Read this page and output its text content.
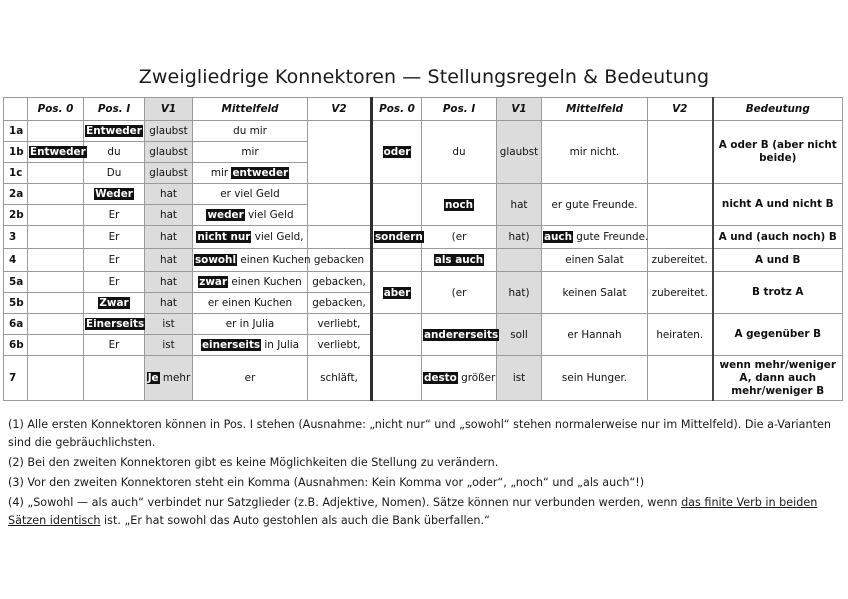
Zweigliedrige Konnektoren — Stellungsregeln & Bedeutung
	Pos. 0	Pos. I	V1	Mittelfeld	V2	Pos. 0	Pos. I	V1	Mittelfeld	V2	Bedeutung
1a		Entweder	glaubst	du mir		oder	du	glaubst	mir nicht.		A oder B (aber nicht beide)
1b	Entweder	du	glaubst	mir							
1c		Du	glaubst	mir entweder							
2a		Weder	hat	er viel Geld			noch	hat	er gute Freunde.		nicht A und nicht B
2b		Er	hat	weder viel Geld							
3		Er	hat	nicht nur viel Geld,		sondern	(er	hat)	auch gute Freunde.		A und (auch noch) B
4		Er	hat	sowohl einen Kuchen	gebacken		als auch		einen Salat	zubereitet.	A und B
5a		Er	hat	zwar einen Kuchen	gebacken,	aber	(er	hat)	keinen Salat	zubereitet.	B trotz A
5b		Zwar	hat	er einen Kuchen	gebacken,						
6a		Einerseits	ist	er in Julia	verliebt,		andererseits	soll	er Hannah	heiraten.	A gegenüber B
6b		Er	ist	einerseits in Julia	verliebt,						
7			Je mehr	er	schläft,		desto größer	ist	sein Hunger.		wenn mehr/weniger A, dann auch mehr/weniger B

(1) Alle ersten Konnektoren können in Pos. I stehen (Ausnahme: „nicht nur“ und „sowohl“ stehen normalerweise nur im Mittelfeld). Die a-Varianten sind die gebräuchlichsten.

(2) Bei den zweiten Konnektoren gibt es keine Möglichkeiten die Stellung zu verändern.

(3) Vor den zweiten Konnektoren steht ein Komma (Ausnahmen: Kein Komma vor „oder“, „noch“ und „als auch“!)

(4) „Sowohl — als auch“ verbindet nur Satzglieder (z.B. Adjektive, Nomen). Sätze können nur verbunden werden, wenn das finite Verb in beiden Sätzen identisch ist. „Er hat sowohl das Auto gestohlen als auch die Bank überfallen.“
